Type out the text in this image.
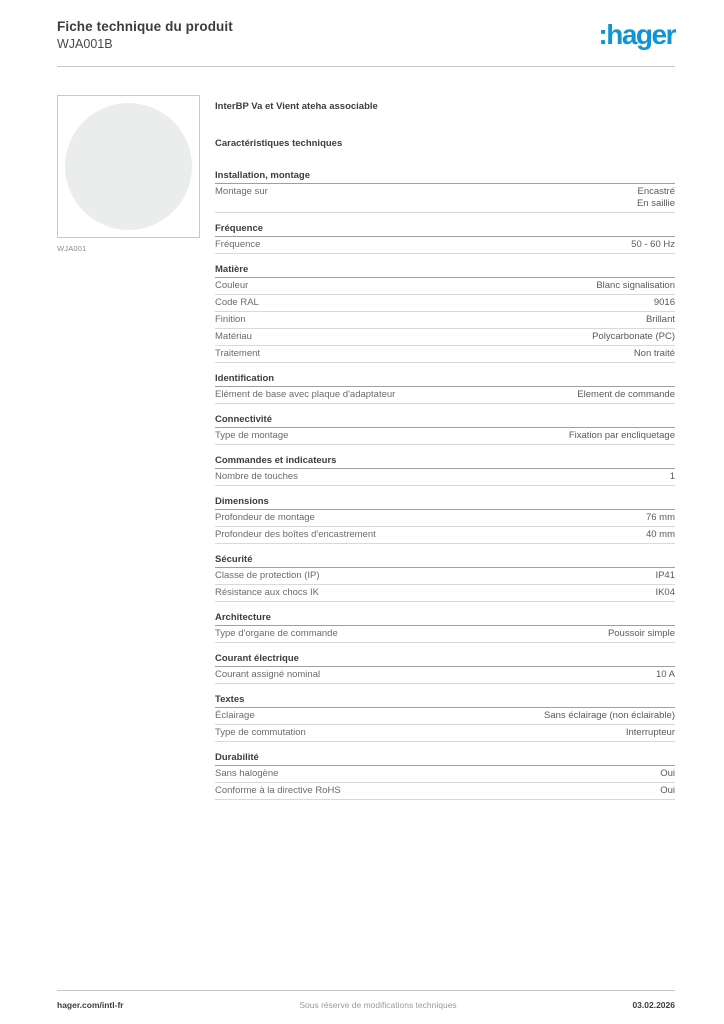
Fiche technique du produit
WJA001B	:hager
WJA001
InterBP Va et Vient ateha associable
Caractéristiques techniques
Installation, montage
Montage sur	Encastré
En saillie
Fréquence
Fréquence	50 - 60 Hz
Matière
Couleur	Blanc signalisation
Code RAL	9016
Finition	Brillant
Matériau	Polycarbonate (PC)
Traitement	Non traité
Identification
Elément de base avec plaque d'adaptateur	Element de commande
Connectivité
Type de montage	Fixation par encliquetage
Commandes et indicateurs
Nombre de touches	1
Dimensions
Profondeur de montage	76 mm
Profondeur des boîtes d'encastrement	40 mm
Sécurité
Classe de protection (IP)	IP41
Résistance aux chocs IK	IK04
Architecture
Type d'organe de commande	Poussoir simple
Courant électrique
Courant assigné nominal	10 A
Textes
Éclairage	Sans éclairage (non éclairable)
Type de commutation	Interrupteur
Durabilité
Sans halogène	Oui
Conforme à la directive RoHS	Oui
hager.com/intl-fr	Sous réserve de modifications techniques	03.02.2026
